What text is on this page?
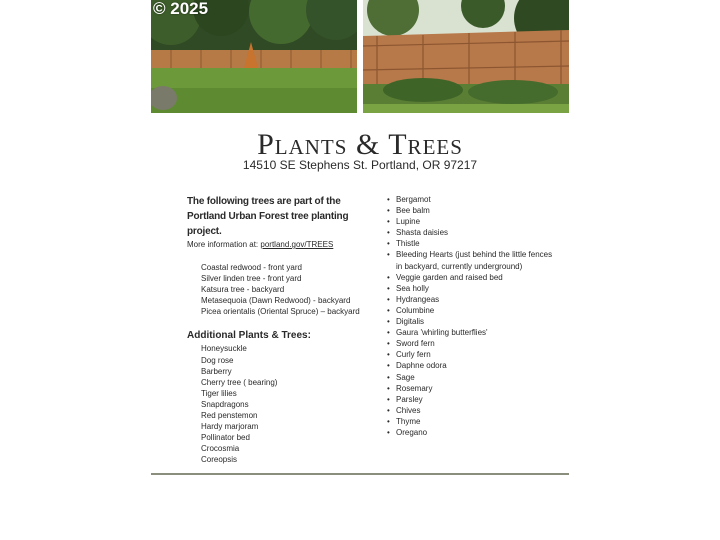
© 2025
Plants & Trees
14510 SE Stephens St. Portland, OR 97217

The following trees are part of the Portland Urban Forest tree planting project.

More information at: portland.gov/TREES

Coastal redwood - front yard
Silver linden tree - front yard
Katsura tree - backyard
Metasequoia (Dawn Redwood) - backyard
Picea orientalis (Oriental Spruce) – backyard
Additional Plants & Trees:
Honeysuckle
Dog rose
Barberry
Cherry tree ( bearing)
Tiger lilies
Snapdragons
Red penstemon
Hardy marjoram
Pollinator bed
Crocosmia
Coreopsis
• Bergamot
• Bee balm
• Lupine
• Shasta daisies
• Thistle
• Bleeding Hearts (just behind the little fences in backyard, currently underground)
• Veggie garden and raised bed
• Sea holly
• Hydrangeas
• Columbine
• Digitalis
• Gaura 'whirling butterflies'
• Sword fern
• Curly fern
• Daphne odora
• Sage
• Rosemary
• Parsley
• Chives
• Thyme
• Oregano
